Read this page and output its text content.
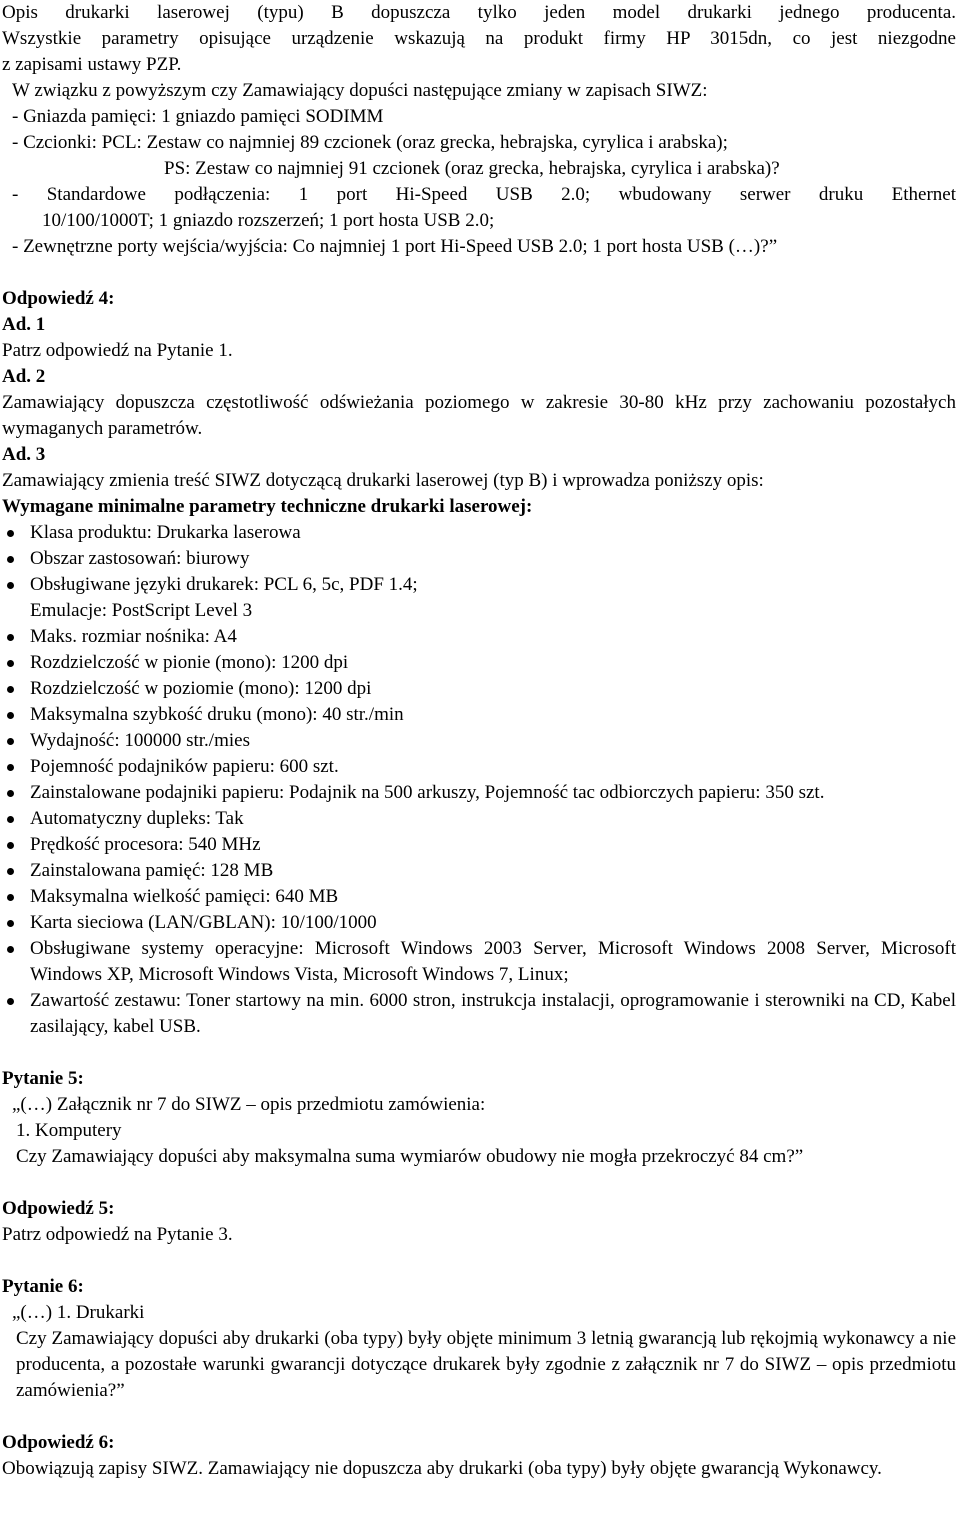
Opis drukarki laserowej (typu) B dopuszcza tylko jeden model drukarki jednego producenta.

Wszystkie parametry opisujące urządzenie wskazują na produkt firmy HP 3015dn, co jest niezgodne

z zapisami ustawy PZP.

W związku z powyższym czy Zamawiający dopuści następujące zmiany w zapisach SIWZ:

- Gniazda pamięci: 1 gniazdo pamięci SODIMM

- Czcionki: PCL: Zestaw co najmniej 89 czcionek (oraz grecka, hebrajska, cyrylica i arabska);

PS: Zestaw co najmniej 91 czcionek (oraz grecka, hebrajska, cyrylica i arabska)?

- Standardowe podłączenia: 1 port Hi-Speed USB 2.0; wbudowany serwer druku Ethernet

10/100/1000T; 1 gniazdo rozszerzeń; 1 port hosta USB 2.0;

- Zewnętrzne porty wejścia/wyjścia: Co najmniej 1 port Hi-Speed USB 2.0; 1 port hosta USB (…)?”

Odpowiedź 4:

Ad. 1

Patrz odpowiedź na Pytanie 1.

Ad. 2

Zamawiający dopuszcza częstotliwość odświeżania poziomego w zakresie 30-80 kHz przy zachowaniu pozostałych wymaganych parametrów.

Ad. 3

Zamawiający zmienia treść SIWZ dotyczącą drukarki laserowej (typ B) i wprowadza poniższy opis:

Wymagane minimalne parametry techniczne drukarki laserowej:

Klasa produktu: Drukarka laserowa
Obszar zastosowań: biurowy
Obsługiwane języki drukarek: PCL 6, 5c, PDF 1.4;
Emulacje: PostScript Level 3
Maks. rozmiar nośnika: A4
Rozdzielczość w pionie (mono): 1200 dpi
Rozdzielczość w poziomie (mono): 1200 dpi
Maksymalna szybkość druku (mono): 40 str./min
Wydajność: 100000 str./mies
Pojemność podajników papieru: 600 szt.
Zainstalowane podajniki papieru: Podajnik na 500 arkuszy, Pojemność tac odbiorczych papieru: 350 szt.
Automatyczny dupleks: Tak
Prędkość procesora: 540 MHz
Zainstalowana pamięć: 128 MB
Maksymalna wielkość pamięci: 640 MB
Karta sieciowa (LAN/GBLAN): 10/100/1000
Obsługiwane systemy operacyjne: Microsoft Windows 2003 Server, Microsoft Windows 2008 Server, Microsoft Windows XP, Microsoft Windows Vista, Microsoft Windows 7, Linux;
Zawartość zestawu: Toner startowy na min. 6000 stron, instrukcja instalacji, oprogramowanie i sterowniki na CD, Kabel zasilający, kabel USB.

Pytanie 5:

„(…) Załącznik nr 7 do SIWZ – opis przedmiotu zamówienia:

1. Komputery

Czy Zamawiający dopuści aby maksymalna suma wymiarów obudowy nie mogła przekroczyć 84 cm?”

Odpowiedź 5:

Patrz odpowiedź na Pytanie 3.

Pytanie 6:

„(…) 1. Drukarki

Czy Zamawiający dopuści aby drukarki (oba typy) były objęte minimum 3 letnią gwarancją lub rękojmią wykonawcy a nie producenta, a pozostałe warunki gwarancji dotyczące drukarek były zgodnie z załącznik nr 7 do SIWZ – opis przedmiotu zamówienia?”

Odpowiedź 6:

Obowiązują zapisy SIWZ. Zamawiający nie dopuszcza aby drukarki (oba typy) były objęte gwarancją Wykonawcy.
